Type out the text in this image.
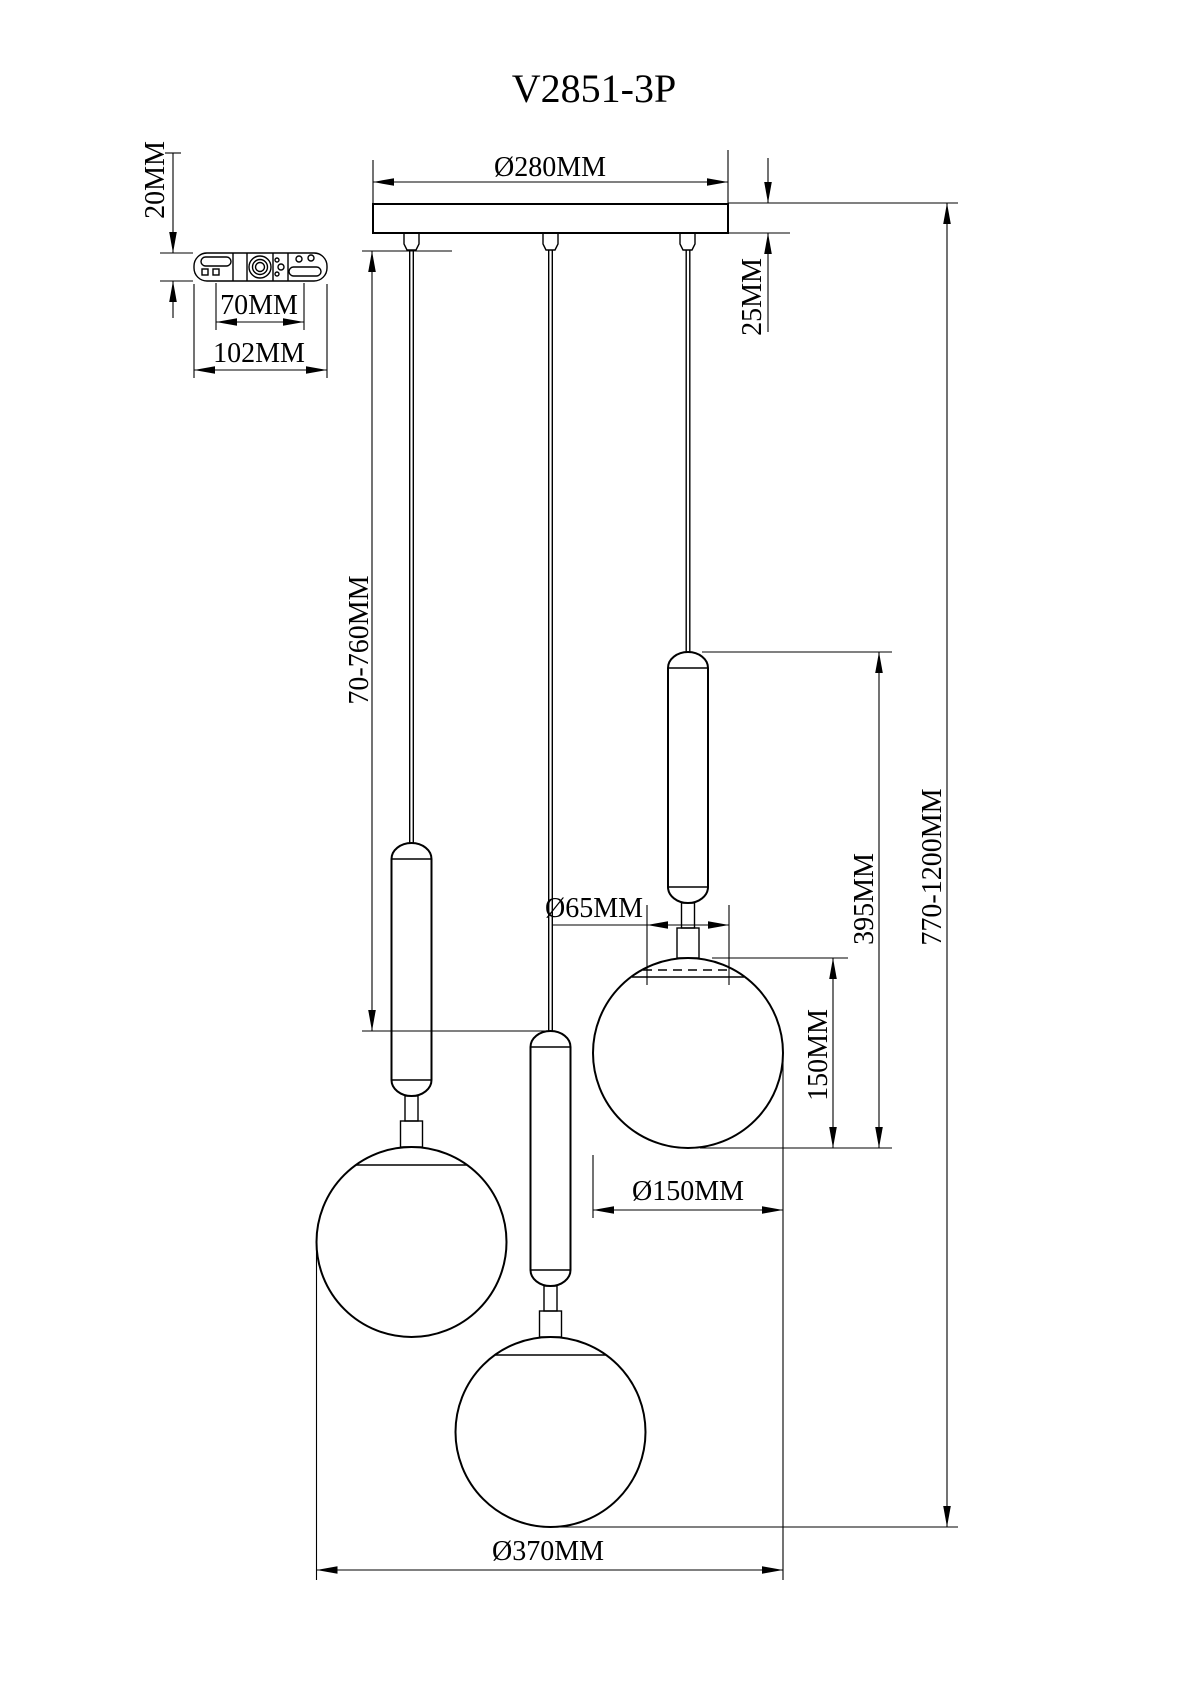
V2851-3P
20MM
70MM
102MM
Ø280MM
25MM
70-760MM
Ø65MM	395MM
150MM
Ø150MM
Ø370MM
770-1200MM
